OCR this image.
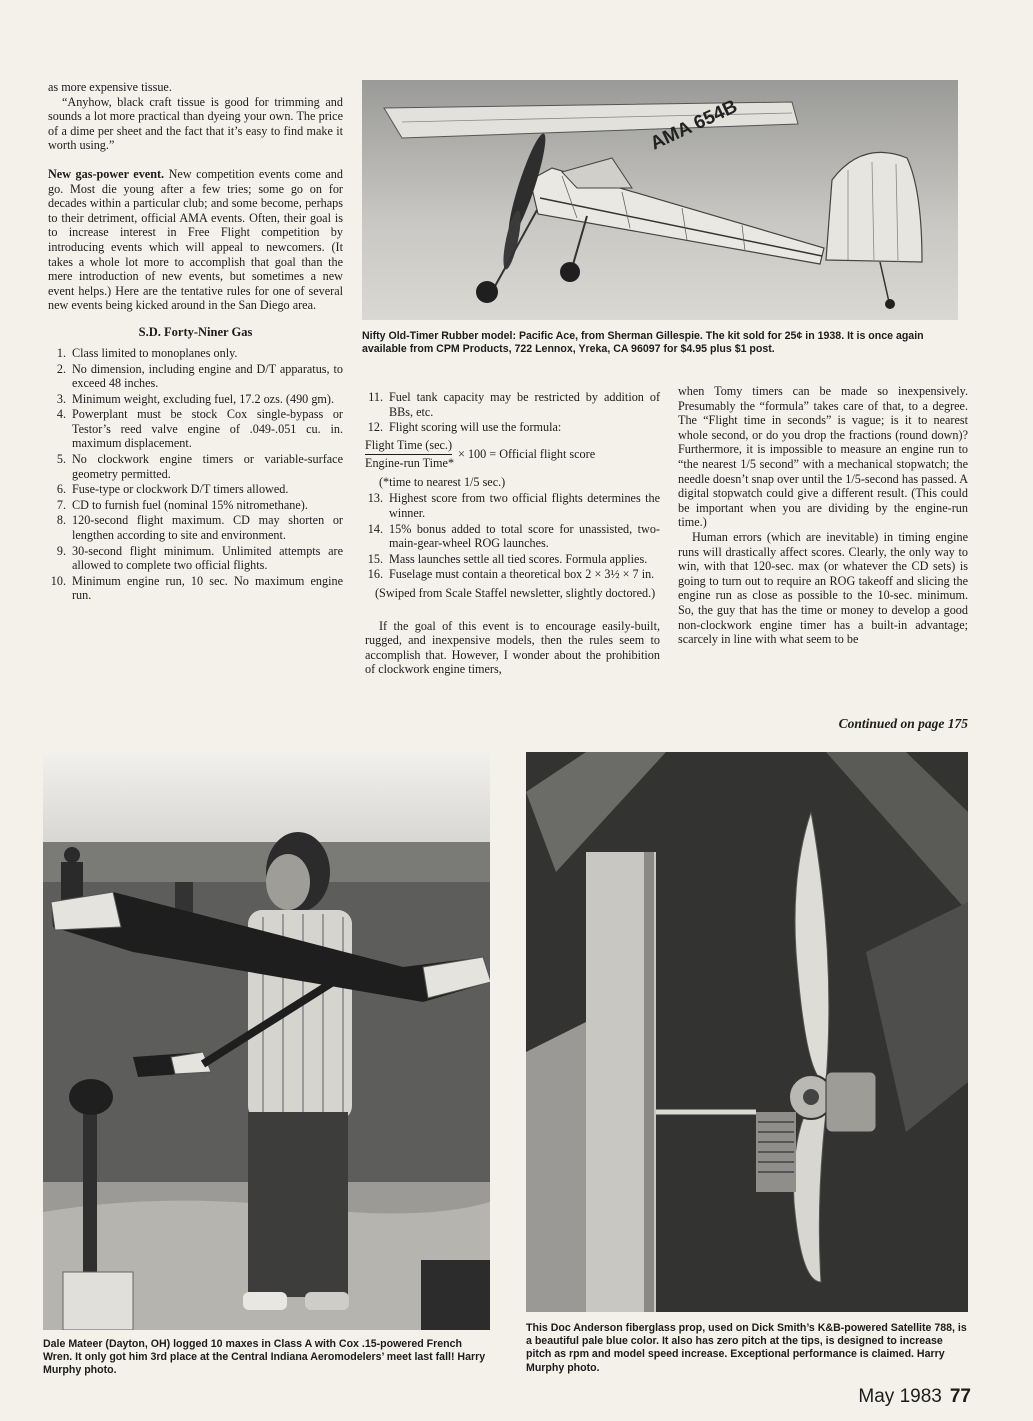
as more expensive tissue.

“Anyhow, black craft tissue is good for trimming and sounds a lot more practical than dyeing your own. The price of a dime per sheet and the fact that it’s easy to find make it worth using.”

New gas-power event. New competition events come and go. Most die young after a few tries; some go on for decades within a particular club; and some become, perhaps to their detriment, official AMA events. Often, their goal is to increase interest in Free Flight competition by introducing events which will appeal to newcomers. (It takes a whole lot more to accomplish that goal than the mere introduction of new events, but sometimes a new event helps.) Here are the tentative rules for one of several new events being kicked around in the San Diego area.

S.D. Forty-Niner Gas
1. Class limited to monoplanes only.
2. No dimension, including engine and D/T apparatus, to exceed 48 inches.
3. Minimum weight, excluding fuel, 17.2 ozs. (490 gm).
4. Powerplant must be stock Cox single-bypass or Testor’s reed valve engine of .049-.051 cu. in. maximum displacement.
5. No clockwork engine timers or variable-surface geometry permitted.
6. Fuse-type or clockwork D/T timers allowed.
7. CD to furnish fuel (nominal 15% nitromethane).
8. 120-second flight maximum. CD may shorten or lengthen according to site and environment.
9. 30-second flight minimum. Unlimited attempts are allowed to complete two official flights.
10. Minimum engine run, 10 sec. No maximum engine run.
AMA 654B
Nifty Old-Timer Rubber model: Pacific Ace, from Sherman Gillespie. The kit sold for 25¢ in 1938. It is once again available from CPM Products, 722 Lennox, Yreka, CA 96097 for $4.95 plus $1 post.
11. Fuel tank capacity may be restricted by addition of BBs, etc.
12. Flight scoring will use the formula:
$\frac{\text{Flight Time (sec.)}}{\text{Engine-run Time*}} \times 100$ = Official flight score

(*time to nearest 1/5 sec.)

13. Highest score from two official flights determines the winner.
14. 15% bonus added to total score for unassisted, two-main-gear-wheel ROG launches.
15. Mass launches settle all tied scores. Formula applies.
16. Fuselage must contain a theoretical box 2 × 3½ × 7 in.

(Swiped from Scale Staffel newsletter, slightly doctored.)

If the goal of this event is to encourage easily-built, rugged, and inexpensive models, then the rules seem to accomplish that. However, I wonder about the prohibition of clockwork engine timers,

when Tomy timers can be made so inexpensively. Presumably the “formula” takes care of that, to a degree. The “Flight time in seconds” is vague; is it to nearest whole second, or do you drop the fractions (round down)? Furthermore, it is impossible to measure an engine run to “the nearest 1/5 second” with a mechanical stopwatch; the needle doesn’t snap over until the 1/5-second has passed. A digital stopwatch could give a different result. (This could be important when you are dividing by the engine-run time.)

Human errors (which are inevitable) in timing engine runs will drastically affect scores. Clearly, the only way to win, with that 120-sec. max (or whatever the CD sets) is going to turn out to require an ROG takeoff and slicing the engine run as close as possible to the 10-sec. minimum. So, the guy that has the time or money to develop a good non-clockwork engine timer has a built-in advantage; scarcely in line with what seem to be

Continued on page 175
Dale Mateer (Dayton, OH) logged 10 maxes in Class A with Cox .15-powered French Wren. It only got him 3rd place at the Central Indiana Aeromodelers’ meet last fall! Harry Murphy photo.
This Doc Anderson fiberglass prop, used on Dick Smith’s K&B-powered Satellite 788, is a beautiful pale blue color. It also has zero pitch at the tips, is designed to increase pitch as rpm and model speed increase. Exceptional performance is claimed. Harry Murphy photo.
May 1983 77
